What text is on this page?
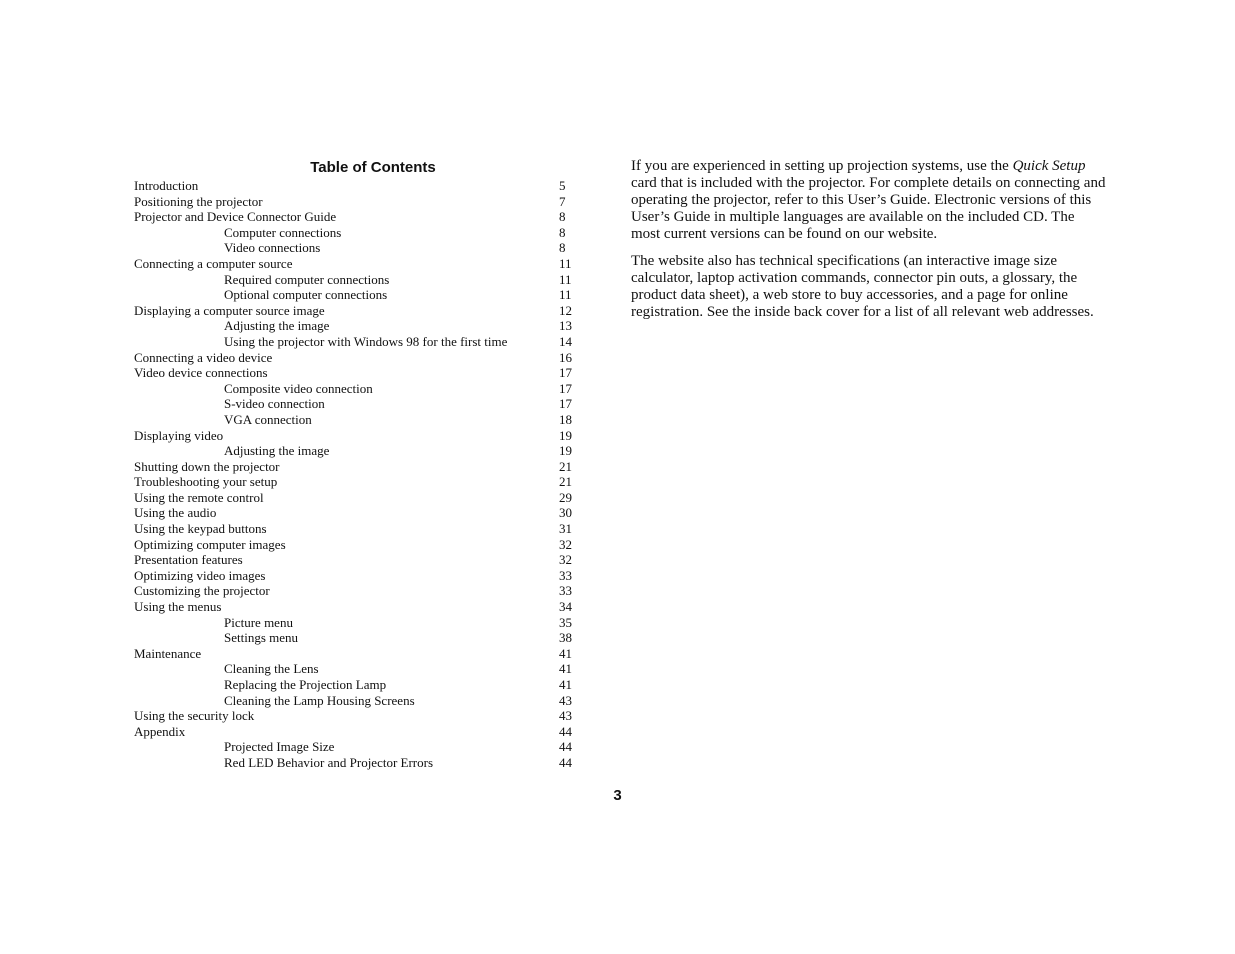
Table of Contents
Introduction	5
Positioning the projector	7
Projector and Device Connector Guide	8
Computer connections	8
Video connections	8
Connecting a computer source	11
Required computer connections	11
Optional computer connections	11
Displaying a computer source image	12
Adjusting the image	13
Using the projector with Windows 98 for the first time	14
Connecting a video device	16
Video device connections	17
Composite video connection	17
S-video connection	17
VGA connection	18
Displaying video	19
Adjusting the image	19
Shutting down the projector	21
Troubleshooting your setup	21
Using the remote control	29
Using the audio	30
Using the keypad buttons	31
Optimizing computer images	32
Presentation features	32
Optimizing video images	33
Customizing the projector	33
Using the menus	34
Picture menu	35
Settings menu	38
Maintenance	41
Cleaning the Lens	41
Replacing the Projection Lamp	41
Cleaning the Lamp Housing Screens	43
Using the security lock	43
Appendix	44
Projected Image Size	44
Red LED Behavior and Projector Errors	44

If you are experienced in setting up projection systems, use the Quick Setup card that is included with the projector. For complete details on connecting and operating the projector, refer to this User’s Guide. Electronic versions of this User’s Guide in multiple languages are available on the included CD. The most current versions can be found on our website.

The website also has technical specifications (an interactive image size calculator, laptop activation commands, connector pin outs, a glossary, the product data sheet), a web store to buy accessories, and a page for online registration. See the inside back cover for a list of all relevant web addresses.

3
